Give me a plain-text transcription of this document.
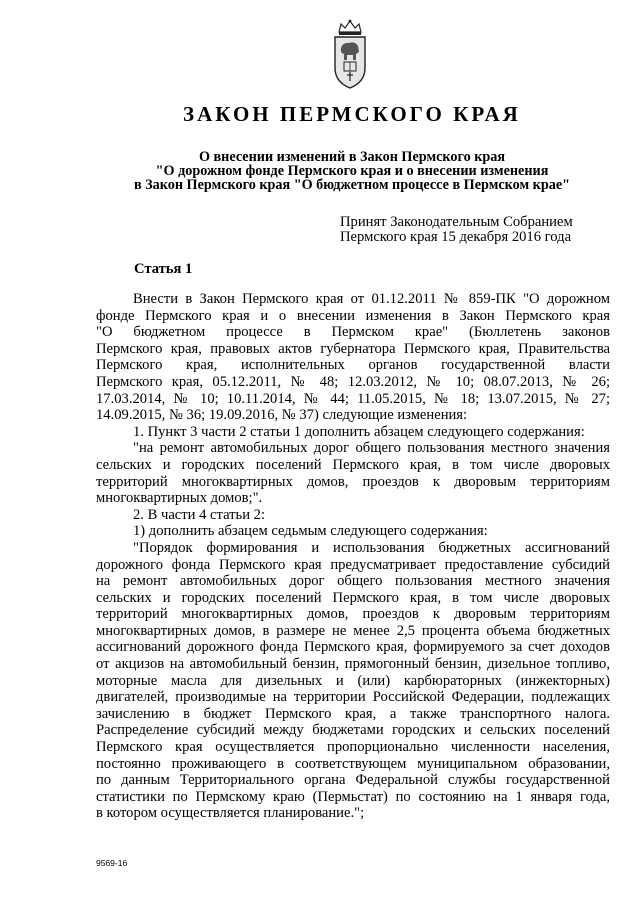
ЗАКОН ПЕРМСКОГО КРАЯ
О внесении изменений в Закон Пермского края
"О дорожном фонде Пермского края и о внесении изменения
в Закон Пермского края "О бюджетном процессе в Пермском крае"
Принят Законодательным Собранием
Пермского края 15 декабря 2016 года
Статья 1
Внести в Закон Пермского края от 01.12.2011 № 859-ПК "О дорожном
фонде Пермского края и о внесении изменения в Закон Пермского края
"О бюджетном процессе в Пермском крае" (Бюллетень законов
Пермского края, правовых актов губернатора Пермского края, Правительства
Пермского края, исполнительных органов государственной власти
Пермского края, 05.12.2011, № 48; 12.03.2012, № 10; 08.07.2013, № 26;
17.03.2014, № 10; 10.11.2014, № 44; 11.05.2015, № 18; 13.07.2015, № 27;
14.09.2015, № 36; 19.09.2016, № 37) следующие изменения:
1. Пункт 3 части 2 статьи 1 дополнить абзацем следующего содержания:
"на ремонт автомобильных дорог общего пользования местного значения
сельских и городских поселений Пермского края, в том числе дворовых
территорий многоквартирных домов, проездов к дворовым территориям
многоквартирных домов;".
2. В части 4 статьи 2:
1) дополнить абзацем седьмым следующего содержания:
"Порядок формирования и использования бюджетных ассигнований
дорожного фонда Пермского края предусматривает предоставление субсидий
на ремонт автомобильных дорог общего пользования местного значения
сельских и городских поселений Пермского края, в том числе дворовых
территорий многоквартирных домов, проездов к дворовым территориям
многоквартирных домов, в размере не менее 2,5 процента объема бюджетных
ассигнований дорожного фонда Пермского края, формируемого за счет доходов
от акцизов на автомобильный бензин, прямогонный бензин, дизельное топливо,
моторные масла для дизельных и (или) карбюраторных (инжекторных)
двигателей, производимые на территории Российской Федерации, подлежащих
зачислению в бюджет Пермского края, а также транспортного налога.
Распределение субсидий между бюджетами городских и сельских поселений
Пермского края осуществляется пропорционально численности населения,
постоянно проживающего в соответствующем муниципальном образовании,
по данным Территориального органа Федеральной службы государственной
статистики по Пермскому краю (Пермьстат) по состоянию на 1 января года,
в котором осуществляется планирование.";
9569-16
